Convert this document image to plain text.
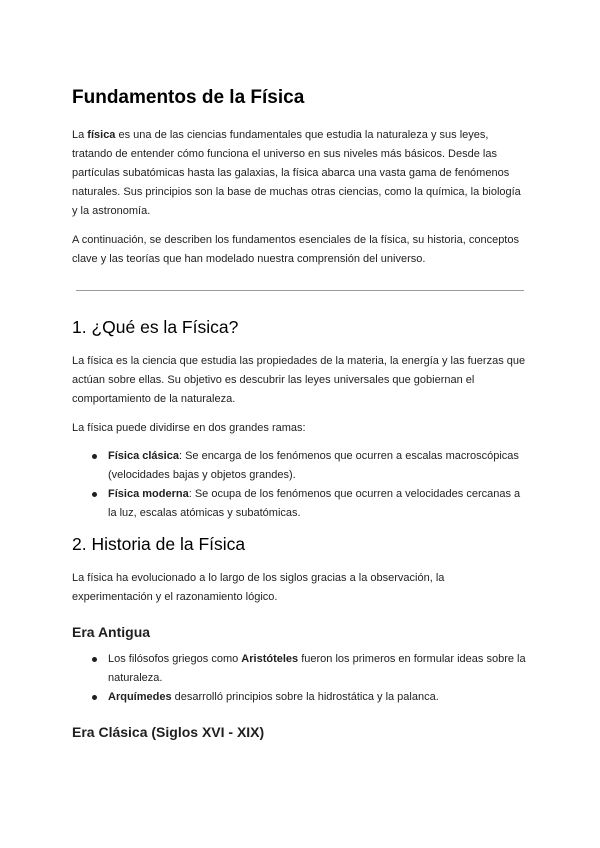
Fundamentos de la Física

La física es una de las ciencias fundamentales que estudia la naturaleza y sus leyes, tratando de entender cómo funciona el universo en sus niveles más básicos. Desde las partículas subatómicas hasta las galaxias, la física abarca una vasta gama de fenómenos naturales. Sus principios son la base de muchas otras ciencias, como la química, la biología y la astronomía.

A continuación, se describen los fundamentos esenciales de la física, su historia, conceptos clave y las teorías que han modelado nuestra comprensión del universo.

1. ¿Qué es la Física?

La física es la ciencia que estudia las propiedades de la materia, la energía y las fuerzas que actúan sobre ellas. Su objetivo es descubrir las leyes universales que gobiernan el comportamiento de la naturaleza.

La física puede dividirse en dos grandes ramas:

Física clásica: Se encarga de los fenómenos que ocurren a escalas macroscópicas (velocidades bajas y objetos grandes).
Física moderna: Se ocupa de los fenómenos que ocurren a velocidades cercanas a la luz, escalas atómicas y subatómicas.
2. Historia de la Física

La física ha evolucionado a lo largo de los siglos gracias a la observación, la experimentación y el razonamiento lógico.

Era Antigua
Los filósofos griegos como Aristóteles fueron los primeros en formular ideas sobre la naturaleza.
Arquímedes desarrolló principios sobre la hidrostática y la palanca.
Era Clásica (Siglos XVI - XIX)
